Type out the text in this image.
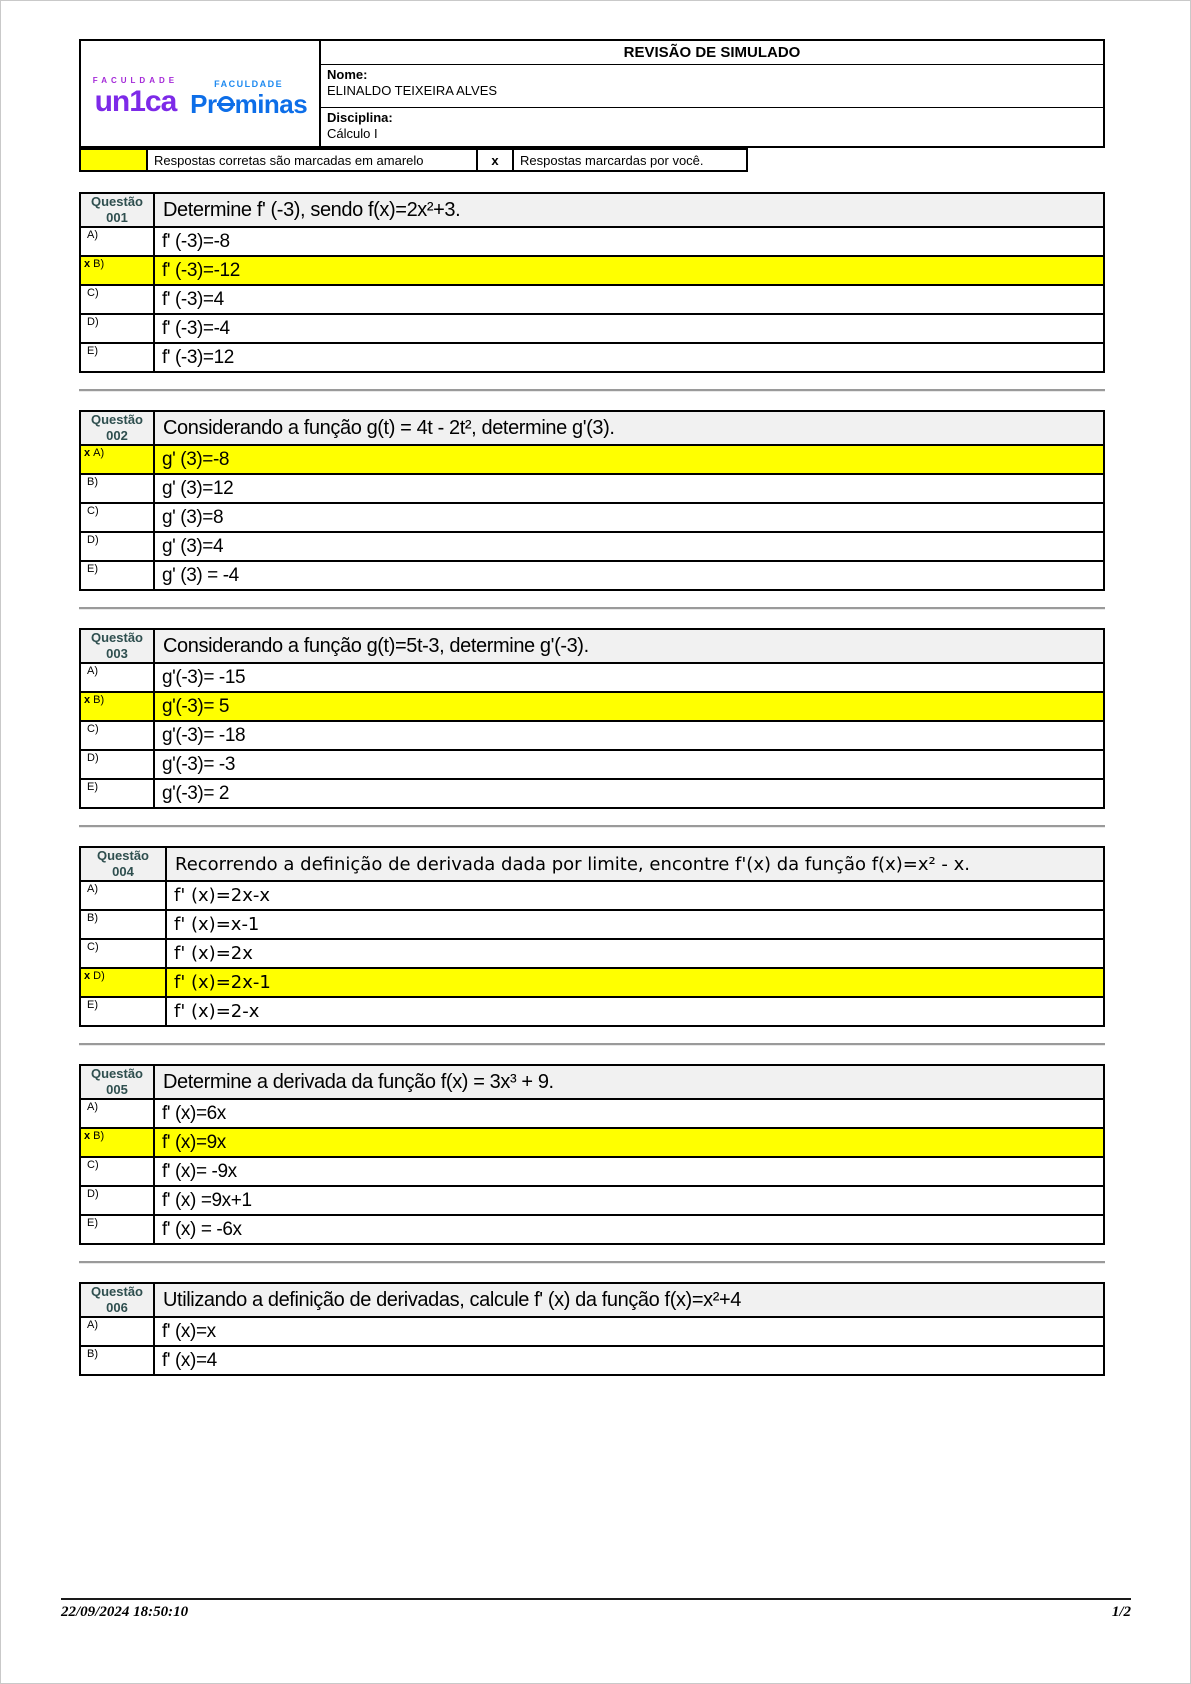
FACULDADE
un1ca
FACULDADE
Pr minas
	REVISÃO DE SIMULADO

Nome:
ELINALDO TEIXEIRA ALVES

Disciplina:
Cálculo I
	Respostas corretas são marcadas em amarelo	x	Respostas marcardas por você.
Questão
001	Determine f' (-3), sendo f(x)=2x²+3.
A)	f' (-3)=-8
x B)	f' (-3)=-12
C)	f' (-3)=4
D)	f' (-3)=-4
E)	f' (-3)=12
Questão
002	Considerando a função g(t) = 4t - 2t², determine g'(3).
x A)	g' (3)=-8
B)	g' (3)=12
C)	g' (3)=8
D)	g' (3)=4
E)	g' (3) = -4
Questão
003	Considerando a função g(t)=5t-3, determine g'(-3).
A)	g'(-3)= -15
x B)	g'(-3)= 5
C)	g'(-3)= -18
D)	g'(-3)= -3
E)	g'(-3)= 2
Questão
004	Recorrendo a definição de derivada dada por limite, encontre f'(x) da função f(x)=x² - x.
A)	f' (x)=2x-x
B)	f' (x)=x-1
C)	f' (x)=2x
x D)	f' (x)=2x-1
E)	f' (x)=2-x
Questão
005	Determine a derivada da função f(x) = 3x³ + 9.
A)	f' (x)=6x
x B)	f' (x)=9x
C)	f' (x)= -9x
D)	f' (x) =9x+1
E)	f' (x) = -6x
Questão
006	Utilizando a definição de derivadas, calcule f' (x) da função f(x)=x²+4
A)	f' (x)=x
B)	f' (x)=4
22/09/2024 18:50:10	1/2
